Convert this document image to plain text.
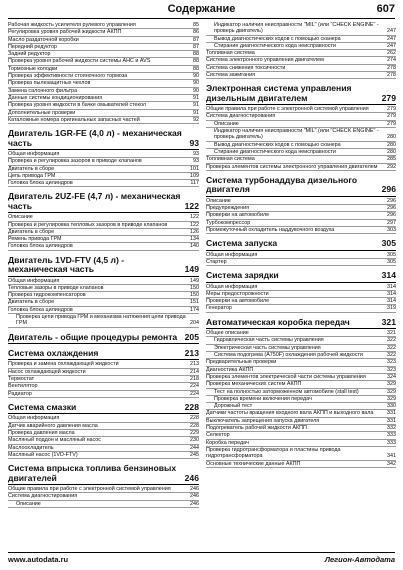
Содержание	607
Рабочая жидкость усилителя рулевого управления	85
Регулировка уровня рабочей жидкости АКПП	86
Масло раздаточной коробки	87
Передний редуктор	87
Задний редуктор	88
Проверка уровня рабочей жидкости системы AHC и AVS	88
Тормозные колодки	88
Проверка эффективности стояночного тормоза	90
Проверка пылезащитных чехлов	90
Замена салонного фильтра	90
Данные системы кондиционирования	91
Проверка уровня жидкости в бачке омывателей стекол	91
Дополнительные проверки	91
Каталожные номера оригинальных запасных частей	92
Двигатель 1GR-FE (4,0 л) - механическая часть	93
Общая информация	93
Проверка и регулировка зазоров в приводе клапанов	93
Двигатель в сборе	101
Цепь привода ГРМ	109
Головка блока цилиндров	117
Двигатель 2UZ-FE (4,7 л) - механическая часть	122
Описание	122
Проверка и регулировка тепловых зазоров в приводе клапанов	122
Двигатель в сборе	126
Ремень привода ГРМ	134
Головка блока цилиндров	140
Двигатель 1VD-FTV (4,5 л) - механическая часть	149
Общая информация	149
Тепловые зазоры в приводе клапанов	150
Проверка гидрокомпенсаторов	150
Двигатель в сборе	151
Головка блока цилиндров	174
Проверка цепи привода ГРМ и механизма натяжения цепи привода ГРМ	204
Двигатель - общие процедуры ремонта 205
Система охлаждения	213
Проверка и замена охлаждающей жидкости	213
Насос охлаждающей жидкости	214
Термостат	218
Вентилятор	224
Радиатор	224
Система смазки	228
Общая информация	228
Датчик аварийного давления масла	228
Проверка давления масла	229
Масляный поддон и масляный насос	230
Маслоохладитель	244
Масляный насос (1VD-FTV)	245
Система впрыска топлива бензиновых двигателей	246
Общие правила при работе с электронной системой управления	246
Система диагностирования	246
Описание	246
Индикатор наличия неисправности "MIL" (или "CHECK ENGINE" - проверь двигатель)	247
Вывод диагностических кодов с помощью сканера	247
Стирание диагностического кода неисправности	247
Топливная система	262
Система электронного управления двигателем	274
Система снижения токсичности	278
Система зажигания	278
Электронная система управления дизельным двигателем	279
Общие правила при работе с электронной системой управления	279
Система диагностирования	279
Описание	279
Индикатор наличия неисправности "MIL" (или "CHECK ENGINE" - проверь двигатель)	280
Вывод диагностических кодов с помощью сканера	280
Стирание диагностического кода неисправности	280
Топливная система	285
Проверка элементов системы электронного управления двигателем	292
Система турбонаддува дизельного двигателя	296
Описание	296
Предупреждения	296
Проверки на автомобиле	296
Турбокомпрессор	297
Промежуточный охладитель наддувочного воздуха	303
Система запуска	305
Общая информация	305
Стартер	305
Система зарядки	314
Общая информация	314
Меры предосторожности	314
Проверки на автомобиле	314
Генератор	319
Автоматическая коробка передач	321
Общее описание	321
Гидравлическая часть системы управления	322
Электрическая часть системы управления	322
Система подогрева (A750F) охлаждения рабочей жидкости	322
Предварительные проверки	323
Диагностика АКПП	323
Проверка элементов электрической части системы управления	324
Проверка механических систем АКПП	329
Тест на полностью заторможенном автомобиле (stall test)	329
Проверка времени включения передач	329
Дорожный тест	330
Датчики частоты вращения входного вала АКПП и выходного вала	331
Выключатель запрещения запуска двигателя	331
Подогреватель рабочей жидкости АКПП	332
Селектор	333
Коробка передач	333
Проверка гидротрансформатора и пластины привода гидротрансформатора	341
Основные технические данные АКПП	342
www.autodata.ru	Легион-Автодата
